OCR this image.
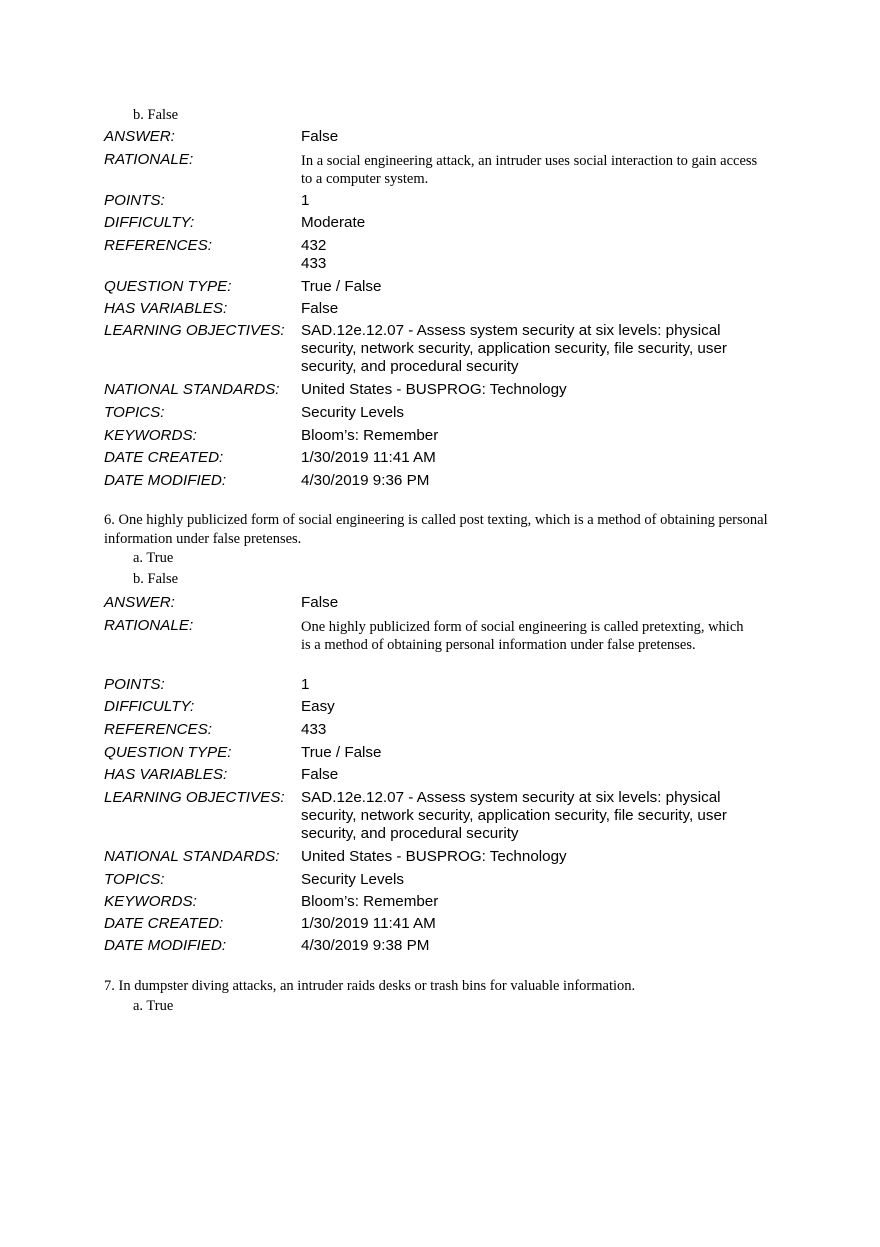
b. False
ANSWER:	False
RATIONALE:	In a social engineering attack, an intruder uses social interaction to gain access to a computer system.
POINTS:	1
DIFFICULTY:	Moderate
REFERENCES:	432
433
QUESTION TYPE:	True / False
HAS VARIABLES:	False
LEARNING OBJECTIVES: SAD.12e.12.07 - Assess system security at six levels: physical security, network security, application security, file security, user security, and procedural security
NATIONAL STANDARDS: United States - BUSPROG: Technology
TOPICS:	Security Levels
KEYWORDS:	Bloom’s: Remember
DATE CREATED:	1/30/2019 11:41 AM
DATE MODIFIED:	4/30/2019 9:36 PM
6. One highly publicized form of social engineering is called post texting, which is a method of obtaining personal information under false pretenses.
a. True
b. False
ANSWER:	False
RATIONALE:	One highly publicized form of social engineering is called pretexting, which is a method of obtaining personal information under false pretenses.
POINTS:	1
DIFFICULTY:	Easy
REFERENCES:	433
QUESTION TYPE:	True / False
HAS VARIABLES:	False
LEARNING OBJECTIVES: SAD.12e.12.07 - Assess system security at six levels: physical security, network security, application security, file security, user security, and procedural security
NATIONAL STANDARDS: United States - BUSPROG: Technology
TOPICS:	Security Levels
KEYWORDS:	Bloom’s: Remember
DATE CREATED:	1/30/2019 11:41 AM
DATE MODIFIED:	4/30/2019 9:38 PM
7. In dumpster diving attacks, an intruder raids desks or trash bins for valuable information.
a. True
